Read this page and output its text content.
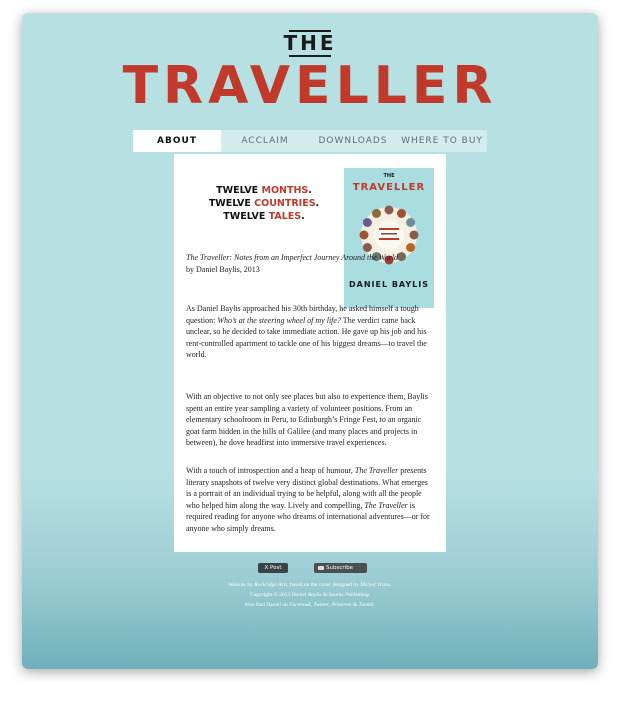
THE
TRAVELLER
ABOUT	ACCLAIM	DOWNLOADS	WHERE TO BUY
TWELVE MONTHS.
TWELVE COUNTRIES.
TWELVE TALES.
THE
TRAVELLER
DANIEL BAYLIS
The Traveller: Notes from an Imperfect Journey Around the World
by Daniel Baylis, 2013
As Daniel Baylis approached his 30th birthday, he asked himself a tough question: Who’s at the steering wheel of my life? The verdict came back unclear, so he decided to take immediate action. He gave up his job and his rent-controlled apartment to tackle one of his biggest dreams—to travel the world.
With an objective to not only see places but also to experience them, Baylis spent an entire year sampling a variety of volunteer positions. From an elementary schoolroom in Peru, to Edinburgh’s Fringe Fest, to an organic goat farm hidden in the hills of Galilee (and many places and projects in between), he dove headfirst into immersive travel experiences.
With a touch of introspection and a heap of humour, The Traveller presents literary snapshots of twelve very distinct global destinations. What emerges is a portrait of an individual trying to be helpful, along with all the people who helped him along the way. Lively and compelling, The Traveller is required reading for anyone who dreams of international adventures—or for anyone who simply dreams.
X Post	Subscribe
Website by Rockridge Arts, based on the cover designed by Michel Vrana.
Copyright © 2013 Daniel Baylis & Sparks Publishing.
Also find Daniel on Facebook, Twitter, Pinterest & Tumblr.
